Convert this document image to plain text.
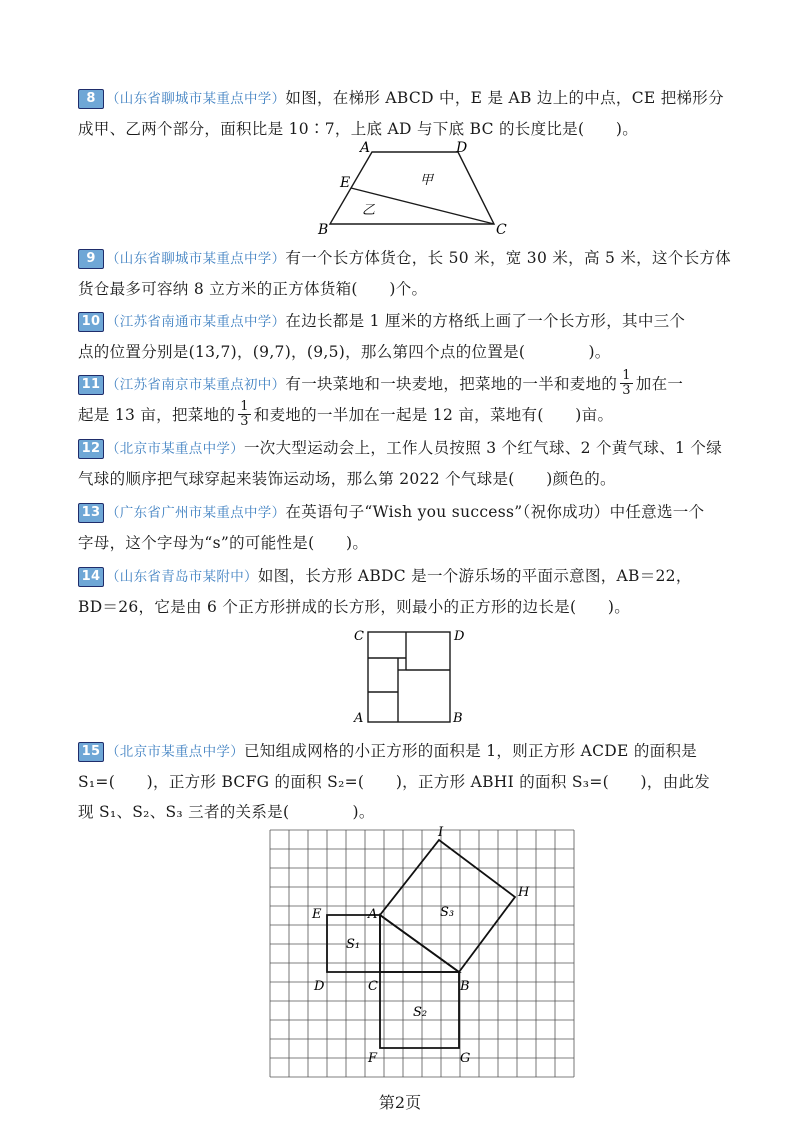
8 （山东省聊城市某重点中学）如图，在梯形 ABCD 中，E 是 AB 边上的中点，CE 把梯形分
成甲、乙两个部分，面积比是 10∶7，上底 AD 与下底 BC 的长度比是(　　)。
A	D
E	甲
乙
B	C
9 （山东省聊城市某重点中学）有一个长方体货仓，长 50 米，宽 30 米，高 5 米，这个长方体
货仓最多可容纳 8 立方米的正方体货箱(　　)个。
10 （江苏省南通市某重点中学）在边长都是 1 厘米的方格纸上画了一个长方形，其中三个
点的位置分别是(13,7)，(9,7)，(9,5)，那么第四个点的位置是(　　　　)。
11 （江苏省南京市某重点初中）有一块菜地和一块麦地，把菜地的一半和麦地的 $\frac{1}{3}$ 加在一
起是 13 亩，把菜地的 $\frac{1}{3}$ 和麦地的一半加在一起是 12 亩，菜地有(　　)亩。
12 （北京市某重点中学）一次大型运动会上，工作人员按照 3 个红气球、2 个黄气球、1 个绿
气球的顺序把气球穿起来装饰运动场，那么第 2022 个气球是(　　)颜色的。
13 （广东省广州市某重点中学）在英语句子“Wish you success”（祝你成功）中任意选一个
字母，这个字母为“s”的可能性是(　　)。
14 （山东省青岛市某附中）如图，长方形 ABDC 是一个游乐场的平面示意图，AB＝22，
BD＝26，它是由 6 个正方形拼成的长方形，则最小的正方形的边长是(　　)。
C	D
A	B
15 （北京市某重点中学）已知组成网格的小正方形的面积是 1，则正方形 ACDE 的面积是
S₁=(　　)，正方形 BCFG 的面积 S₂=(　　)，正方形 ABHI 的面积 S₃=(　　)，由此发
现 S₁、S₂、S₃ 三者的关系是(　　　　)。
I
H
E	A	S₃
S₁
D	C	B
S₂
F	G
第2页
